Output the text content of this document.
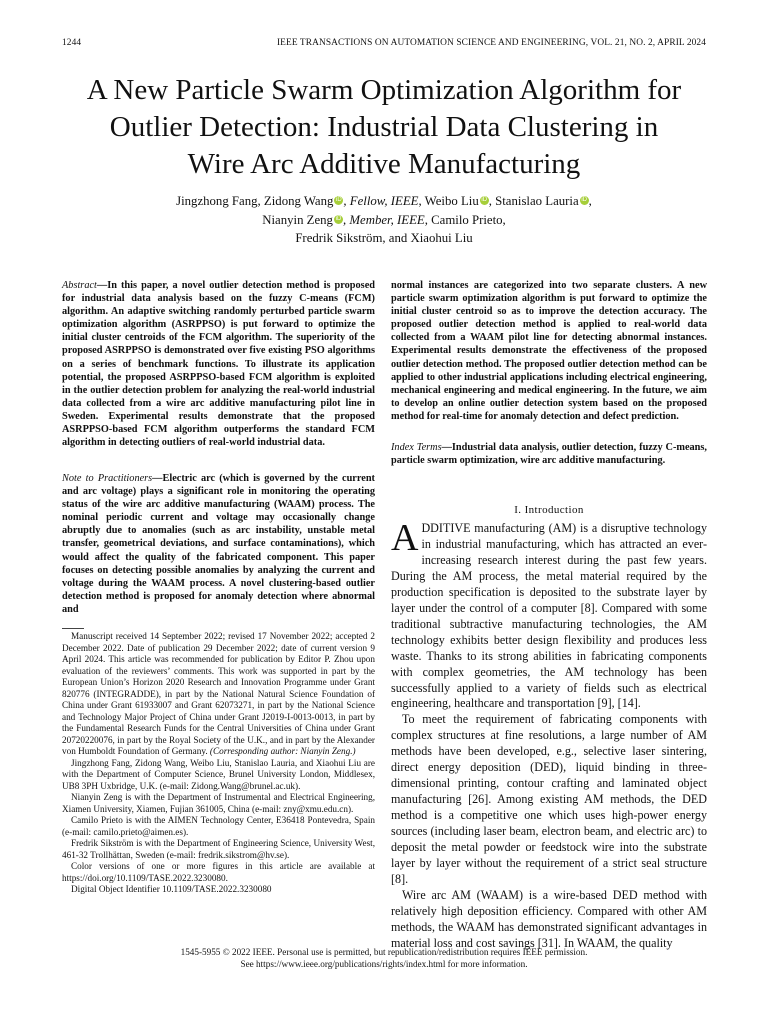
1244	IEEE TRANSACTIONS ON AUTOMATION SCIENCE AND ENGINEERING, VOL. 21, NO. 2, APRIL 2024
A New Particle Swarm Optimization Algorithm for
Outlier Detection: Industrial Data Clustering in
Wire Arc Additive Manufacturing
Jingzhong Fang, Zidong Wang iD , Fellow, IEEE, Weibo Liu iD , Stanislao Lauria iD ,
Nianyin Zeng iD , Member, IEEE, Camilo Prieto,
Fredrik Sikström, and Xiaohui Liu
Abstract—In this paper, a novel outlier detection method is proposed for industrial data analysis based on the fuzzy C-means (FCM) algorithm. An adaptive switching randomly perturbed particle swarm optimization algorithm (ASRPPSO) is put forward to optimize the initial cluster centroids of the FCM algorithm. The superiority of the proposed ASRPPSO is demonstrated over five existing PSO algorithms on a series of benchmark functions. To illustrate its application potential, the proposed ASRPPSO-based FCM algorithm is exploited in the outlier detection problem for analyzing the real-world industrial data collected from a wire arc additive manufacturing pilot line in Sweden. Experimental results demonstrate that the proposed ASRPPSO-based FCM algorithm outperforms the standard FCM algorithm in detecting outliers of real-world industrial data.
Note to Practitioners—Electric arc (which is governed by the current and arc voltage) plays a significant role in monitoring the operating status of the wire arc additive manufacturing (WAAM) process. The nominal periodic current and voltage may occasionally change abruptly due to anomalies (such as arc instability, unstable metal transfer, geometrical deviations, and surface contaminations), which would affect the quality of the fabricated component. This paper focuses on detecting possible anomalies by analyzing the current and voltage during the WAAM process. A novel clustering-based outlier detection method is proposed for anomaly detection where abnormal and

Manuscript received 14 September 2022; revised 17 November 2022; accepted 2 December 2022. Date of publication 29 December 2022; date of current version 9 April 2024. This article was recommended for publication by Editor P. Zhou upon evaluation of the reviewers’ comments. This work was supported in part by the European Union’s Horizon 2020 Research and Innovation Programme under Grant 820776 (INTEGRADDE), in part by the National Natural Science Foundation of China under Grant 61933007 and Grant 62073271, in part by the National Science and Technology Major Project of China under Grant J2019-I-0013-0013, in part by the Fundamental Research Funds for the Central Universities of China under Grant 20720220076, in part by the Royal Society of the U.K., and in part by the Alexander von Humboldt Foundation of Germany. (Corresponding author: Nianyin Zeng.)

Jingzhong Fang, Zidong Wang, Weibo Liu, Stanislao Lauria, and Xiaohui Liu are with the Department of Computer Science, Brunel University London, Middlesex, UB8 3PH Uxbridge, U.K. (e-mail: Zidong.Wang@brunel.ac.uk).

Nianyin Zeng is with the Department of Instrumental and Electrical Engineering, Xiamen University, Xiamen, Fujian 361005, China (e-mail: zny@xmu.edu.cn).

Camilo Prieto is with the AIMEN Technology Center, E36418 Pontevedra, Spain (e-mail: camilo.prieto@aimen.es).

Fredrik Sikström is with the Department of Engineering Science, University West, 461-32 Trollhättan, Sweden (e-mail: fredrik.sikstrom@hv.se).

Color versions of one or more figures in this article are available at https://doi.org/10.1109/TASE.2022.3230080.

Digital Object Identifier 10.1109/TASE.2022.3230080

normal instances are categorized into two separate clusters. A new particle swarm optimization algorithm is put forward to optimize the initial cluster centroid so as to improve the detection accuracy. The proposed outlier detection method is applied to real-world data collected from a WAAM pilot line for detecting abnormal instances. Experimental results demonstrate the effectiveness of the proposed outlier detection method. The proposed outlier detection method can be applied to other industrial applications including electrical engineering, mechanical engineering and medical engineering. In the future, we aim to develop an online outlier detection system based on the proposed method for real-time for anomaly detection and defect prediction.
Index Terms—Industrial data analysis, outlier detection, fuzzy C-means, particle swarm optimization, wire arc additive manufacturing.
I. Introduction

ADDITIVE manufacturing (AM) is a disruptive technology in industrial manufacturing, which has attracted an ever-increasing research interest during the past few years. During the AM process, the metal material required by the production specification is deposited to the substrate layer by layer under the control of a computer [8]. Compared with some traditional subtractive manufacturing technologies, the AM technology exhibits better design flexibility and produces less waste. Thanks to its strong abilities in fabricating components with complex geometries, the AM technology has been successfully applied to a variety of fields such as electrical engineering, healthcare and transportation [9], [14].

To meet the requirement of fabricating components with complex structures at fine resolutions, a large number of AM methods have been developed, e.g., selective laser sintering, direct energy deposition (DED), liquid binding in three-dimensional printing, contour crafting and laminated object manufacturing [26]. Among existing AM methods, the DED method is a competitive one which uses high-power energy sources (including laser beam, electron beam, and electric arc) to deposit the metal powder or feedstock wire into the substrate layer by layer without the requirement of a strict seal structure [8].

Wire arc AM (WAAM) is a wire-based DED method with relatively high deposition efficiency. Compared with other AM methods, the WAAM has demonstrated significant advantages in material loss and cost savings [31]. In WAAM, the quality

1545-5955 © 2022 IEEE. Personal use is permitted, but republication/redistribution requires IEEE permission.
See https://www.ieee.org/publications/rights/index.html for more information.
